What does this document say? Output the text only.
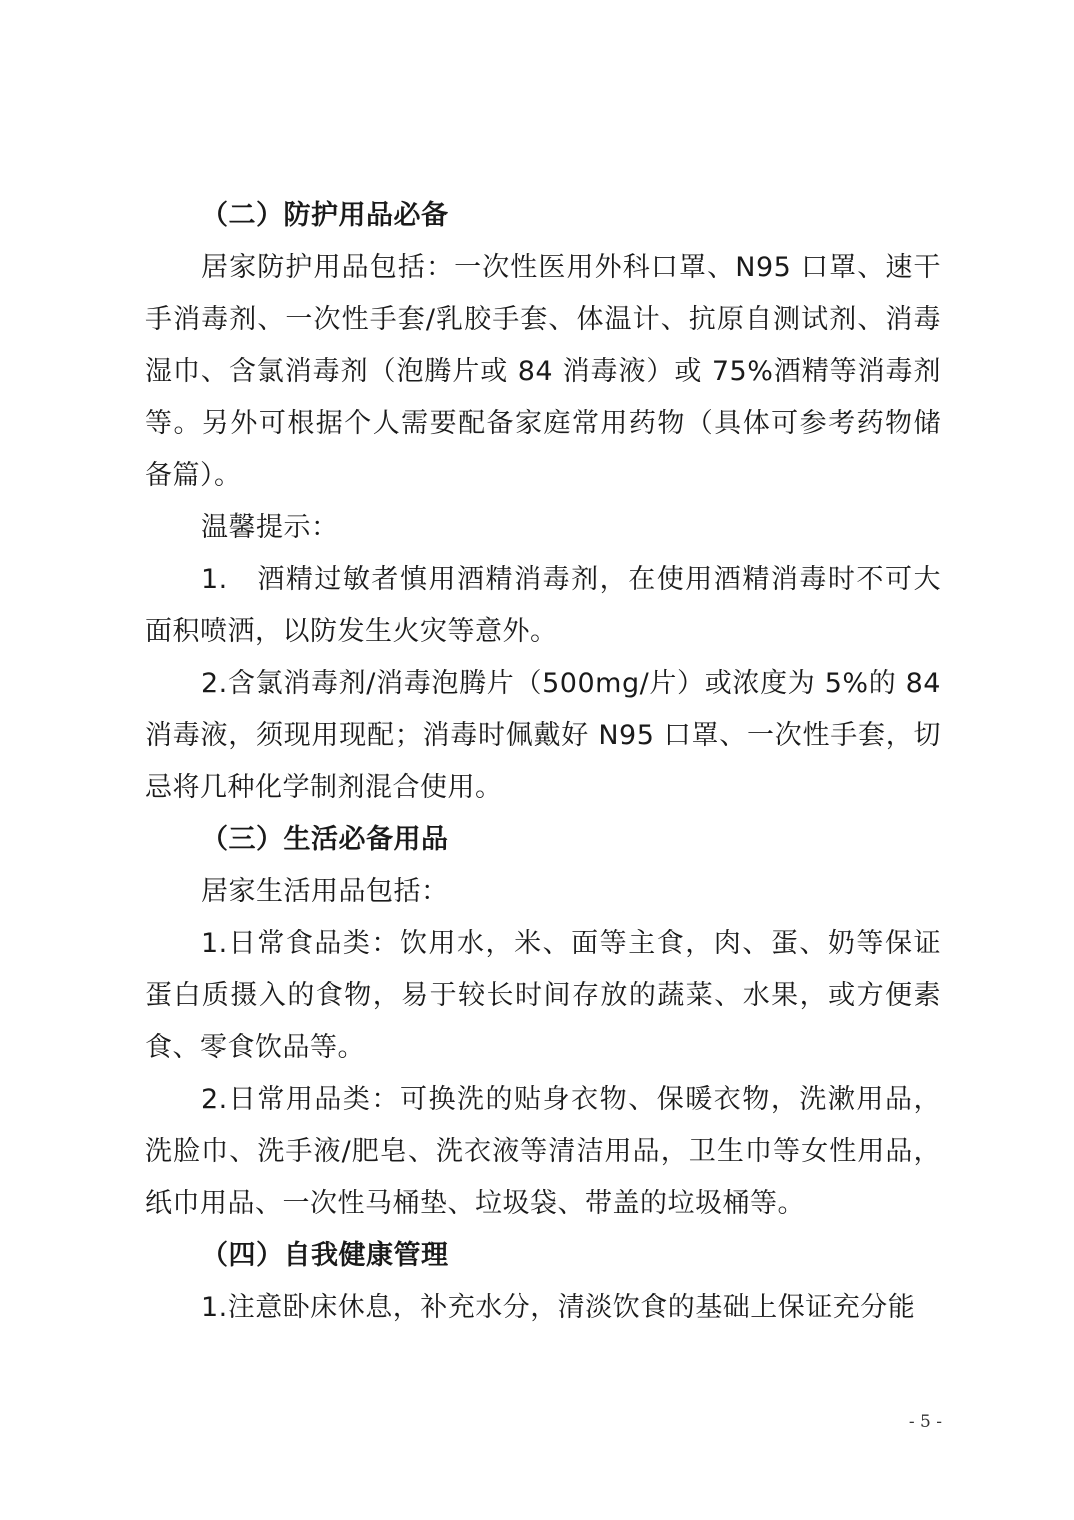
（二）防护用品必备

居家防护用品包括：一次性医用外科口罩、N95 口罩、速干手消毒剂、一次性手套/乳胶手套、体温计、抗原自测试剂、消毒湿巾、含氯消毒剂（泡腾片或 84 消毒液）或 75%酒精等消毒剂等。另外可根据个人需要配备家庭常用药物（具体可参考药物储备篇）。

温馨提示：

1.　酒精过敏者慎用酒精消毒剂，在使用酒精消毒时不可大面积喷洒，以防发生火灾等意外。

2.含氯消毒剂/消毒泡腾片（500mg/片）或浓度为 5%的 84 消毒液，须现用现配；消毒时佩戴好 N95 口罩、一次性手套，切忌将几种化学制剂混合使用。

（三）生活必备用品

居家生活用品包括：

1.日常食品类：饮用水，米、面等主食，肉、蛋、奶等保证蛋白质摄入的食物，易于较长时间存放的蔬菜、水果，或方便素食、零食饮品等。

2.日常用品类：可换洗的贴身衣物、保暖衣物，洗漱用品，洗脸巾、洗手液/肥皂、洗衣液等清洁用品，卫生巾等女性用品，纸巾用品、一次性马桶垫、垃圾袋、带盖的垃圾桶等。

（四）自我健康管理

1.注意卧床休息，补充水分，清淡饮食的基础上保证充分能

- 5 -
